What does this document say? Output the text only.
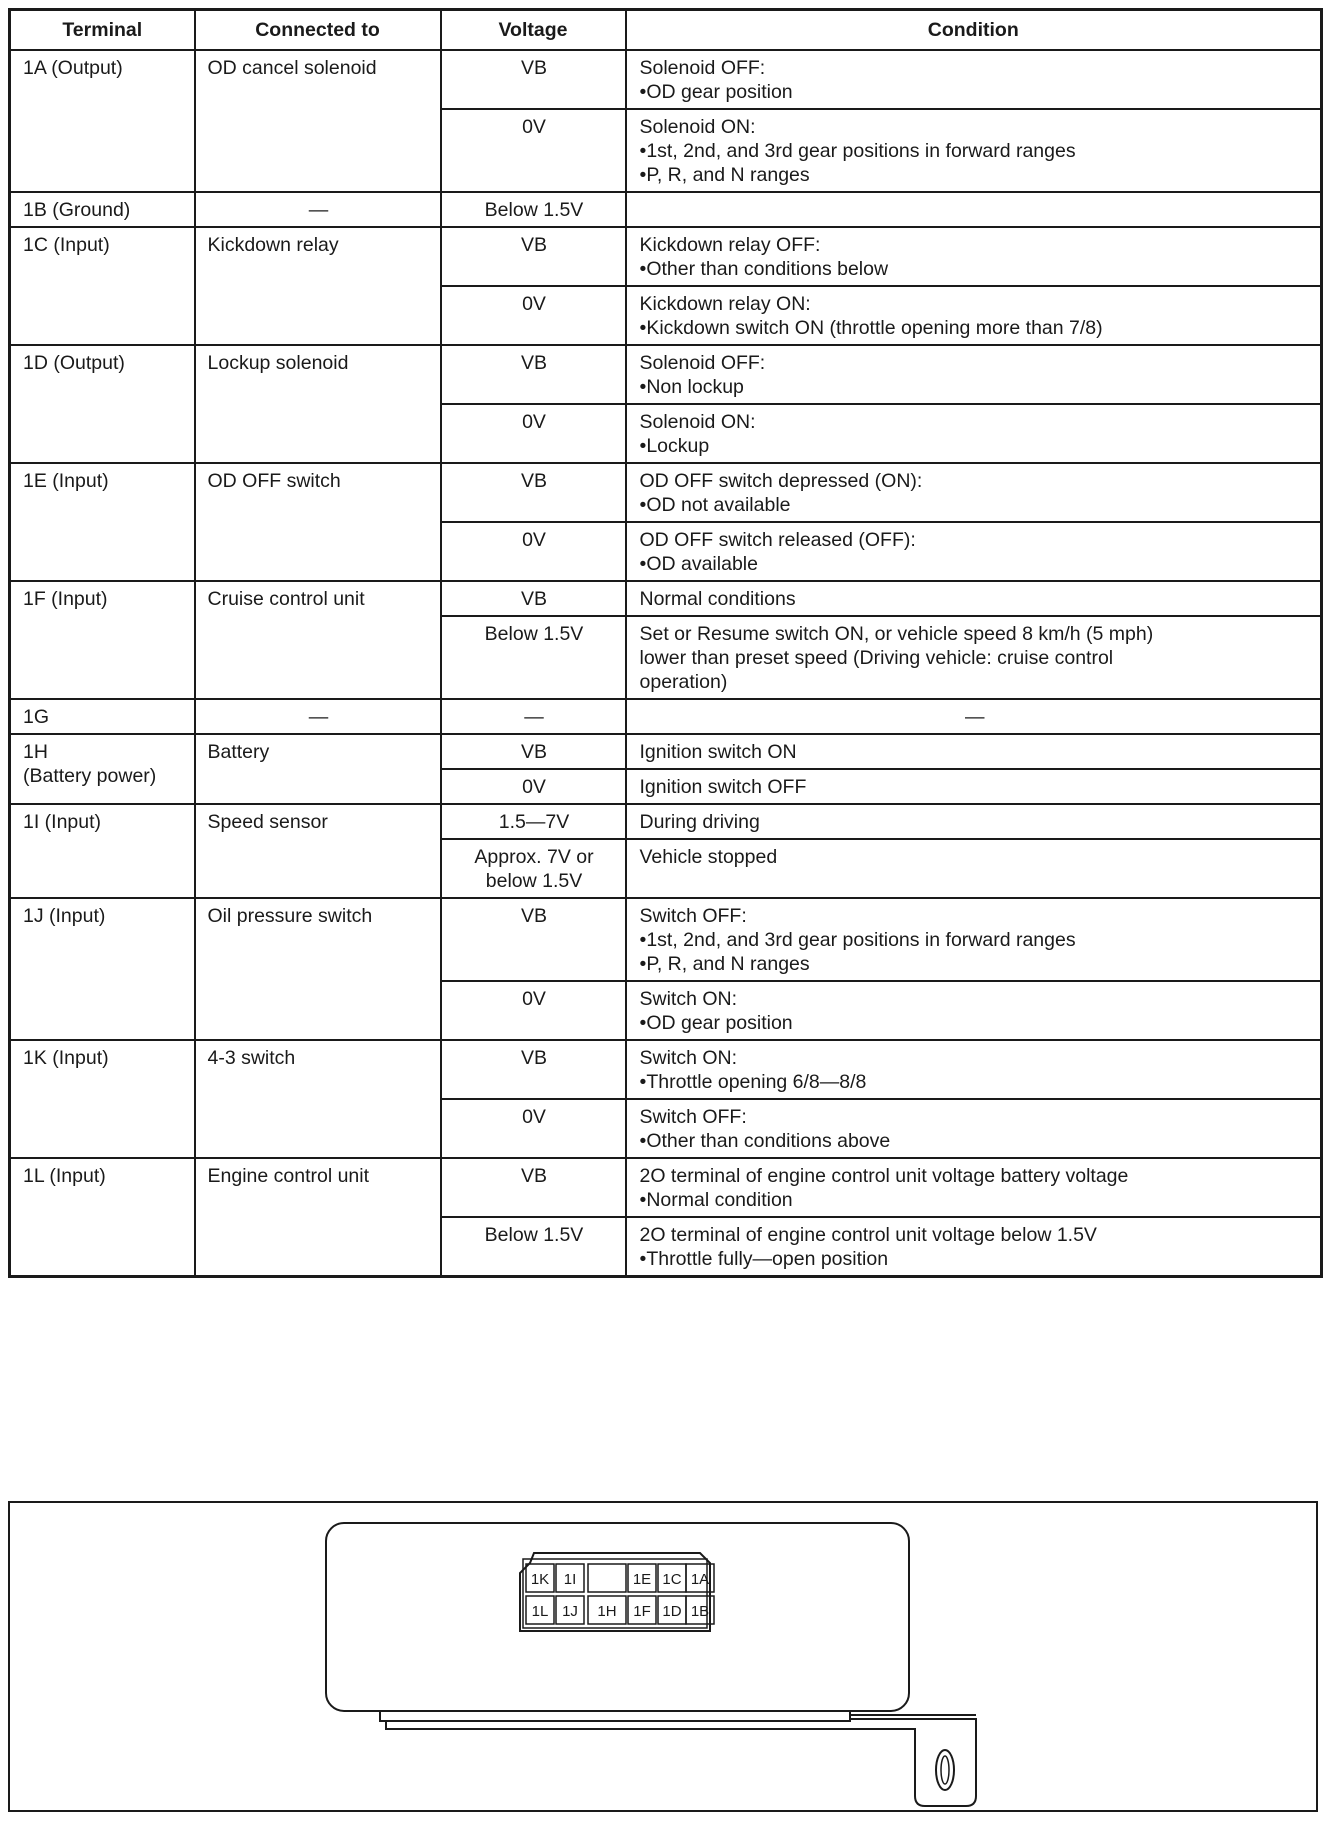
Terminal	Connected to	Voltage	Condition

1A (Output)	OD cancel solenoid	VB	Solenoid OFF:
•OD gear position

		0V	Solenoid ON:
•1st, 2nd, and 3rd gear positions in forward ranges
•P, R, and N ranges

1B (Ground)	—	Below 1.5V	

1C (Input)	Kickdown relay	VB	Kickdown relay OFF:
•Other than conditions below

		0V	Kickdown relay ON:
•Kickdown switch ON (throttle opening more than 7/8)

1D (Output)	Lockup solenoid	VB	Solenoid OFF:
•Non lockup

		0V	Solenoid ON:
•Lockup

1E (Input)	OD OFF switch	VB	OD OFF switch depressed (ON):
•OD not available

		0V	OD OFF switch released (OFF):
•OD available

1F (Input)	Cruise control unit	VB	Normal conditions

		Below 1.5V	Set or Resume switch ON, or vehicle speed 8 km/h (5 mph)
lower than preset speed (Driving vehicle: cruise control
operation)

1G	—	—	—

1H
(Battery power)	Battery	VB	Ignition switch ON

		0V	Ignition switch OFF

1I (Input)	Speed sensor	1.5—7V	During driving

		Approx. 7V or
below 1.5V	Vehicle stopped

1J (Input)	Oil pressure switch	VB	Switch OFF:
•1st, 2nd, and 3rd gear positions in forward ranges
•P, R, and N ranges

		0V	Switch ON:
•OD gear position

1K (Input)	4-3 switch	VB	Switch ON:
•Throttle opening 6/8—8/8

		0V	Switch OFF:
•Other than conditions above

1L (Input)	Engine control unit	VB	2O terminal of engine control unit voltage battery voltage
•Normal condition

		Below 1.5V	2O terminal of engine control unit voltage below 1.5V
•Throttle fully—open position
1K 1I	1E 1C 1A
1L 1J 1H 1F 1D 1B
